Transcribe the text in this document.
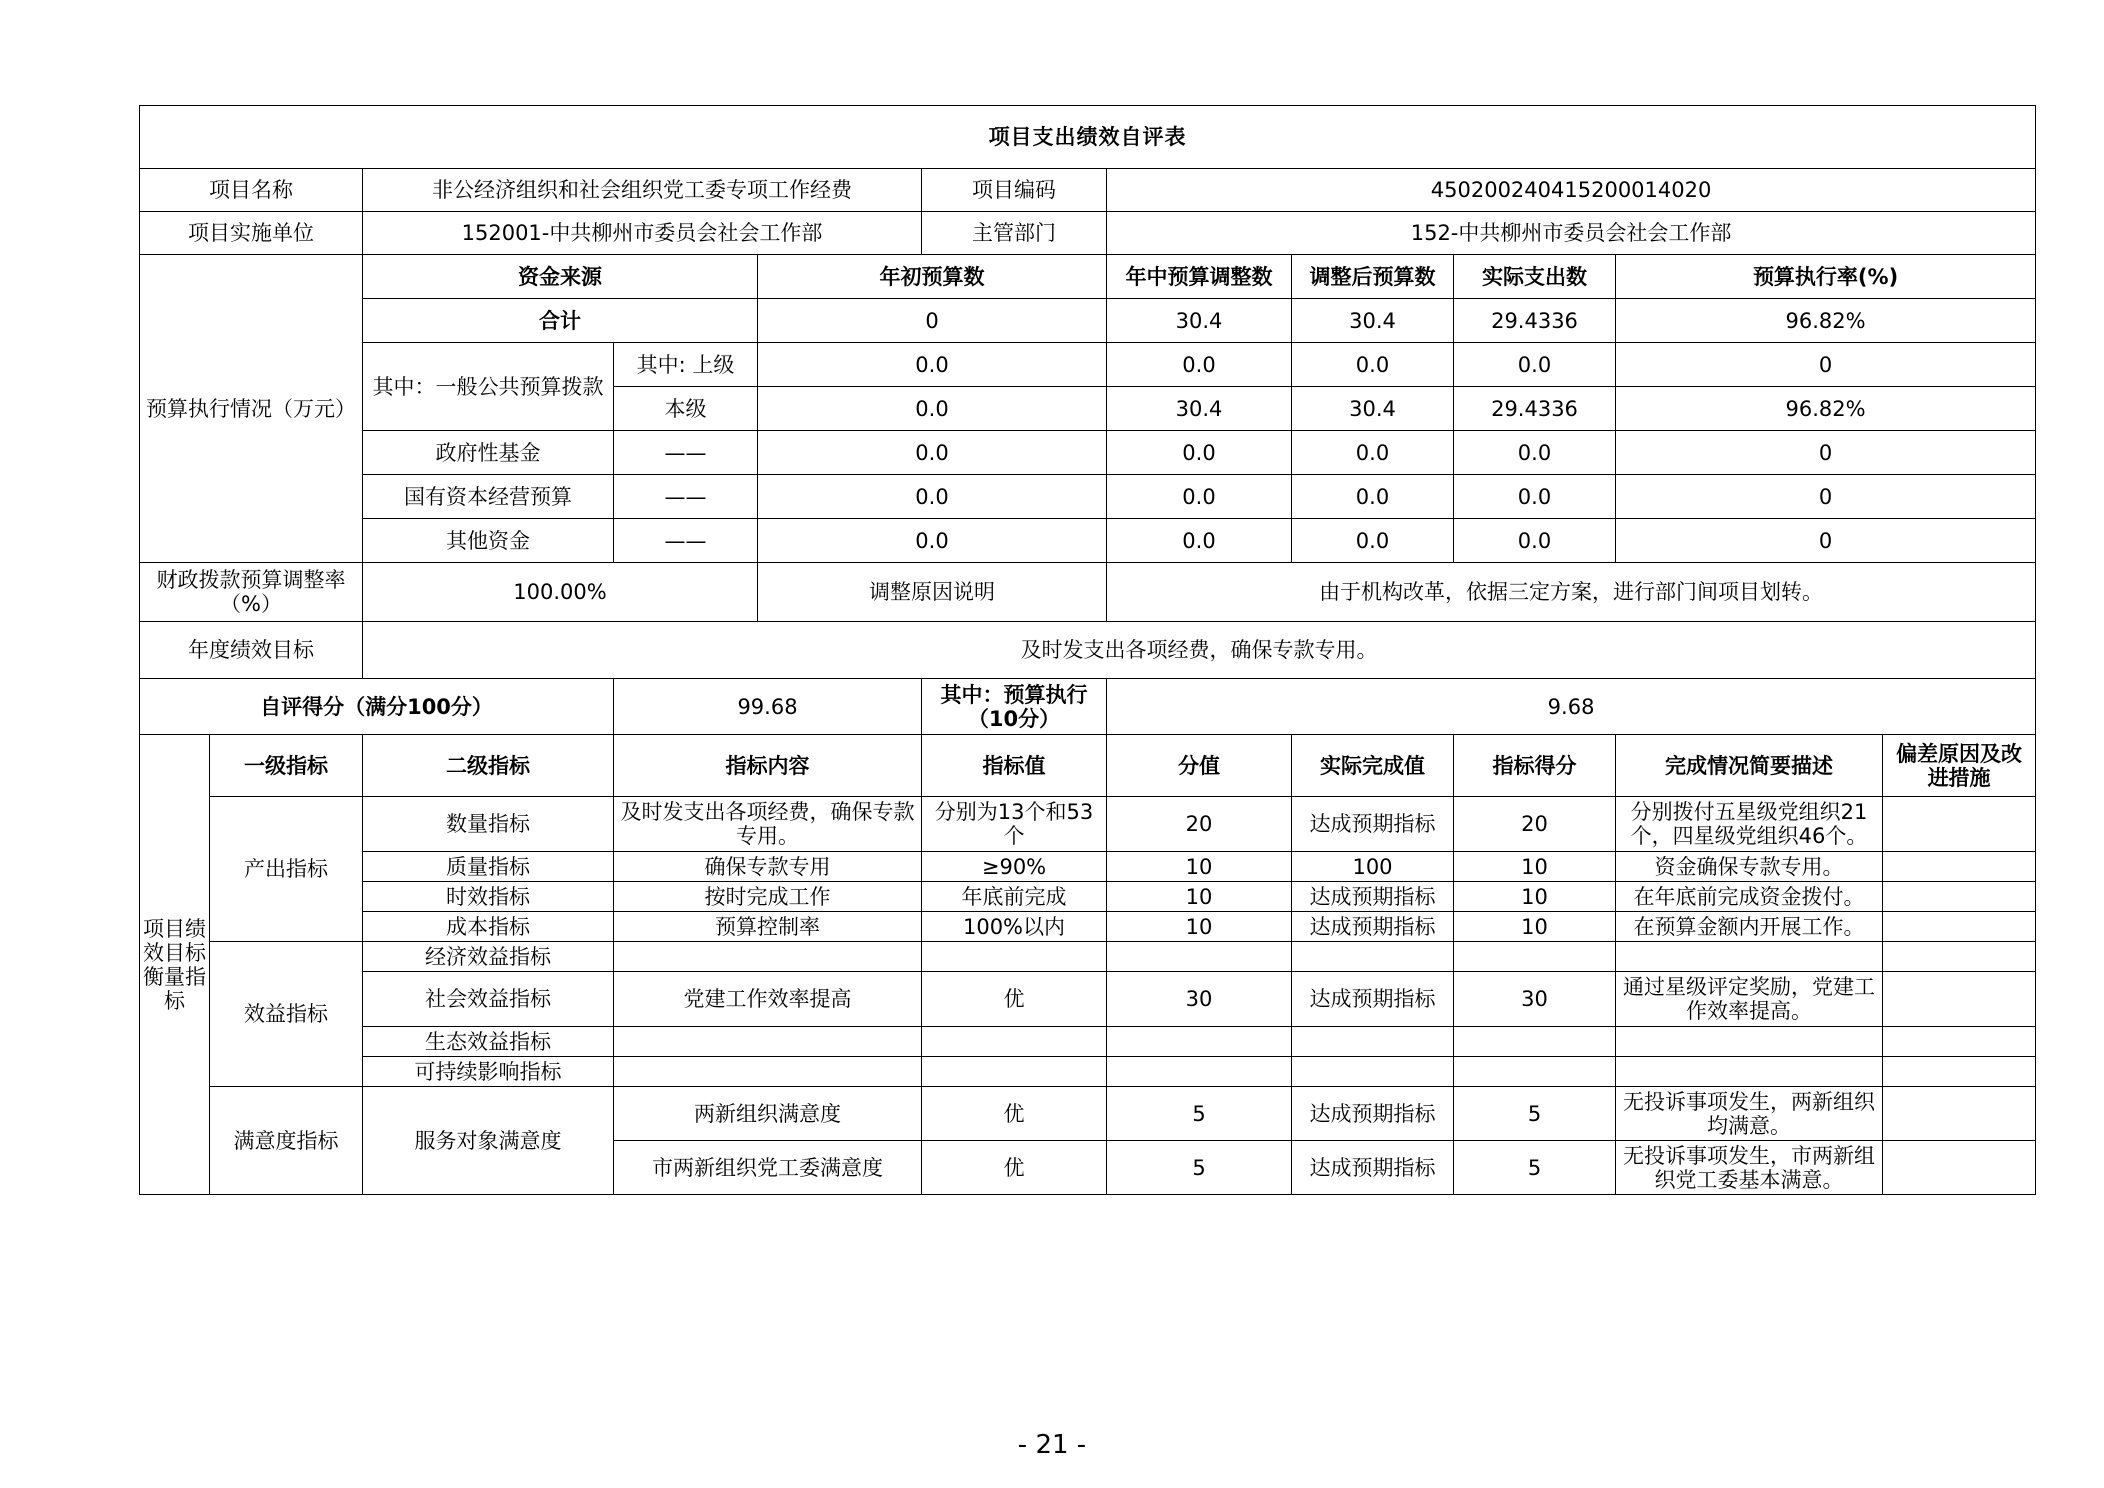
项目支出绩效自评表										
项目名称		非公经济组织和社会组织党工委专项工作经费			项目编码	450200240415200014020				
项目实施单位		152001-中共柳州市委员会社会工作部			主管部门	152-中共柳州市委员会社会工作部				
预算执行情况（万元）		资金来源		年初预算数		年中预算调整数	调整后预算数	实际支出数	预算执行率(%)	
		合计		0		30.4	30.4	29.4336	96.82%	
		其中：一般公共预算拨款	其中: 上级	0.0		0.0	0.0	0.0	0	
			本级	0.0		30.4	30.4	29.4336	96.82%	
		政府性基金	——	0.0		0.0	0.0	0.0	0	
		国有资本经营预算	——	0.0		0.0	0.0	0.0	0	
		其他资金	——	0.0		0.0	0.0	0.0	0	
财政拨款预算调整率（%）		100.00%		调整原因说明		由于机构改革，依据三定方案，进行部门间项目划转。				
年度绩效目标		及时发支出各项经费，确保专款专用。								
自评得分（满分100分）			99.68		其中：预算执行（10分）	9.68				
项目绩效目标衡量指标	一级指标	二级指标	指标内容		指标值	分值	实际完成值	指标得分	完成情况简要描述	偏差原因及改进措施
	产出指标	数量指标	及时发支出各项经费，确保专款专用。		分别为13个和53个	20	达成预期指标	20	分别拨付五星级党组织21个，四星级党组织46个。	
		质量指标	确保专款专用		≥90%	10	100	10	资金确保专款专用。	
		时效指标	按时完成工作		年底前完成	10	达成预期指标	10	在年底前完成资金拨付。	
		成本指标	预算控制率		100%以内	10	达成预期指标	10	在预算金额内开展工作。	
	效益指标	经济效益指标								
		社会效益指标	党建工作效率提高		优	30	达成预期指标	30	通过星级评定奖励，党建工作效率提高。	
		生态效益指标								
		可持续影响指标								
	满意度指标	服务对象满意度	两新组织满意度		优	5	达成预期指标	5	无投诉事项发生，两新组织均满意。	
			市两新组织党工委满意度		优	5	达成预期指标	5	无投诉事项发生，市两新组织党工委基本满意。	
- 21 -
